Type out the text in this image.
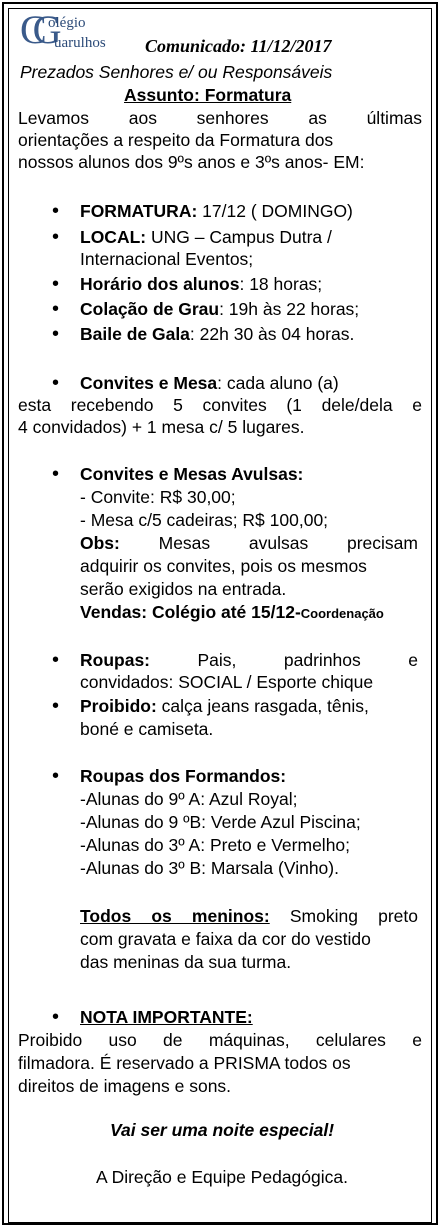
CG olégio
uarulhos Comunicado: 11/12/2017
Prezados Senhores e/ ou Responsáveis
Assunto: Formatura
Levamos aos senhores as últimas
orientações a respeito da Formatura dos
nossos alunos dos 9ºs anos e 3ºs anos- EM:
• FORMATURA: 17/12 ( DOMINGO)
• LOCAL: UNG – Campus Dutra /
Internacional Eventos;
• Horário dos alunos: 18 horas;
• Colação de Grau: 19h às 22 horas;
• Baile de Gala: 22h 30 às 04 horas.
• Convites e Mesa: cada aluno (a)
esta recebendo 5 convites (1 dele/dela e
4 convidados) + 1 mesa c/ 5 lugares.
• Convites e Mesas Avulsas:
- Convite: R$ 30,00;
- Mesa c/5 cadeiras; R$ 100,00;
Obs: Mesas avulsas precisam
adquirir os convites, pois os mesmos
serão exigidos na entrada.
Vendas: Colégio até 15/12-Coordenação
• Roupas: Pais, padrinhos e
convidados: SOCIAL / Esporte chique
• Proibido: calça jeans rasgada, tênis,
boné e camiseta.
• Roupas dos Formandos:
-Alunas do 9º A: Azul Royal;
-Alunas do 9 ºB: Verde Azul Piscina;
-Alunas do 3º A: Preto e Vermelho;
-Alunas do 3º B: Marsala (Vinho).
Todos os meninos: Smoking preto
com gravata e faixa da cor do vestido
das meninas da sua turma.
• NOTA IMPORTANTE:
Proibido uso de máquinas, celulares e
filmadora. É reservado a PRISMA todos os
direitos de imagens e sons.
Vai ser uma noite especial!
A Direção e Equipe Pedagógica.
